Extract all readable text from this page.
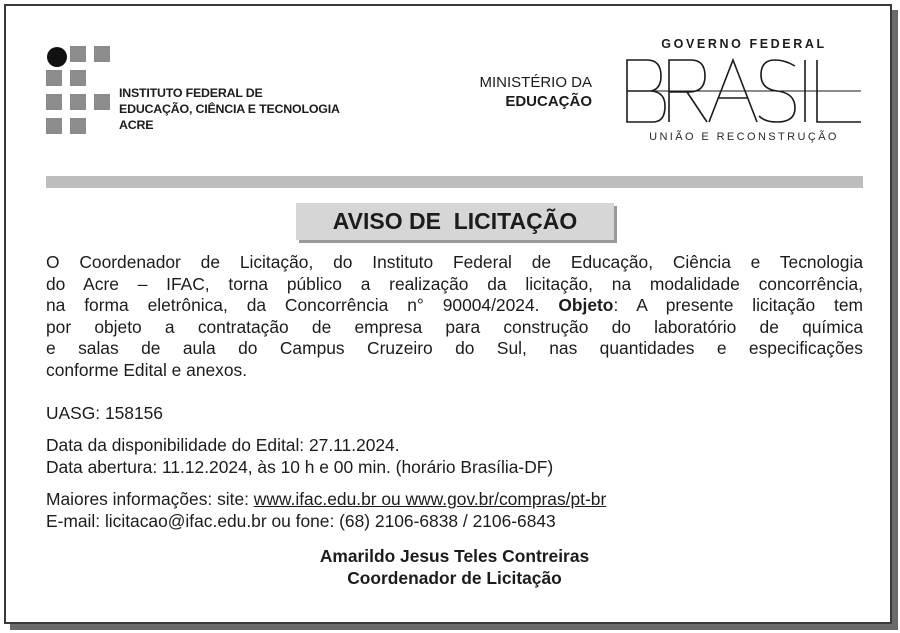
INSTITUTO FEDERAL DE
EDUCAÇÃO, CIÊNCIA E TECNOLOGIA
ACRE
MINISTÉRIO DA
EDUCAÇÃO
GOVERNO FEDERAL
UNIÃO E RECONSTRUÇÃO
AVISO DE  LICITAÇÃO
O Coordenador de Licitação, do Instituto Federal de Educação, Ciência e Tecnologia
do Acre – IFAC, torna público a realização da licitação, na modalidade concorrência,
na forma eletrônica, da Concorrência n° 90004/2024. Objeto: A presente licitação tem
por objeto a contratação de empresa para construção do laboratório de química
e salas de aula do Campus Cruzeiro do Sul, nas quantidades e especificações
conforme Edital e anexos.
UASG: 158156
Data da disponibilidade do Edital: 27.11.2024.
Data abertura: 11.12.2024, às 10 h e 00 min. (horário Brasília-DF)
Maiores informações: site: www.ifac.edu.br ou www.gov.br/compras/pt-br
E-mail: licitacao@ifac.edu.br ou fone: (68) 2106-6838 / 2106-6843
Amarildo Jesus Teles Contreiras
Coordenador de Licitação
